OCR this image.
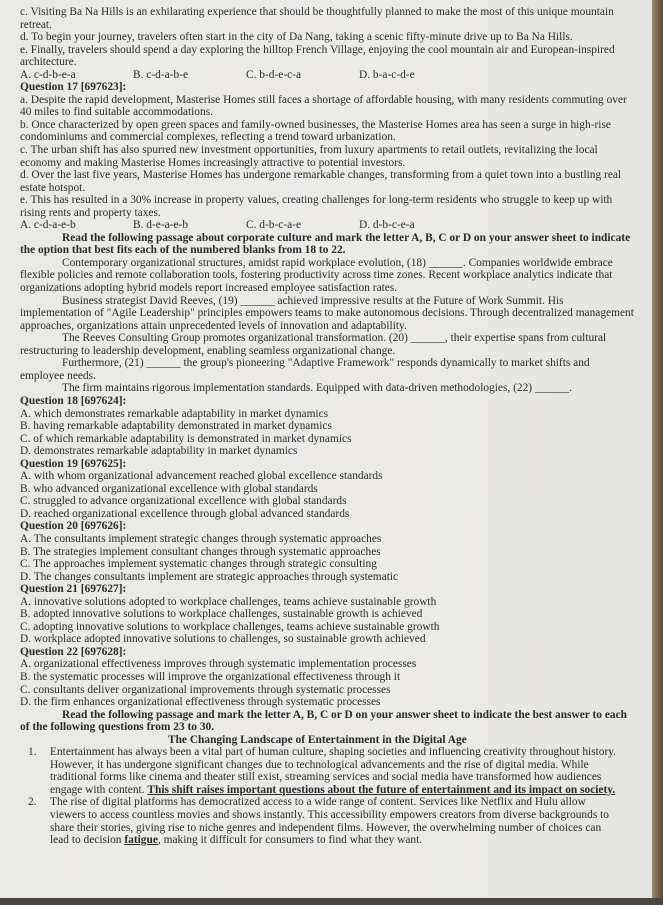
c. Visiting Ba Na Hills is an exhilarating experience that should be thoughtfully planned to make the most of this unique mountain
retreat.
d. To begin your journey, travelers often start in the city of Da Nang, taking a scenic fifty-minute drive up to Ba Na Hills.
e. Finally, travelers should spend a day exploring the hilltop French Village, enjoying the cool mountain air and European-inspired
architecture.
A. c-d-b-e-a	B. c-d-a-b-e	C. b-d-e-c-a	D. b-a-c-d-e
Question 17 [697623]:
a. Despite the rapid development, Masterise Homes still faces a shortage of affordable housing, with many residents commuting over
40 miles to find suitable accommodations.
b. Once characterized by open green spaces and family-owned businesses, the Masterise Homes area has seen a surge in high-rise
condominiums and commercial complexes, reflecting a trend toward urbanization.
c. The urban shift has also spurred new investment opportunities, from luxury apartments to retail outlets, revitalizing the local
economy and making Masterise Homes increasingly attractive to potential investors.
d. Over the last five years, Masterise Homes has undergone remarkable changes, transforming from a quiet town into a bustling real
estate hotspot.
e. This has resulted in a 30% increase in property values, creating challenges for long-term residents who struggle to keep up with
rising rents and property taxes.
A. c-d-a-e-b	B. d-e-a-e-b	C. d-b-c-a-e	D. d-b-c-e-a
Read the following passage about corporate culture and mark the letter A, B, C or D on your answer sheet to indicate
the option that best fits each of the numbered blanks from 18 to 22.
Contemporary organizational structures, amidst rapid workplace evolution, (18) ______. Companies worldwide embrace
flexible policies and remote collaboration tools, fostering productivity across time zones. Recent workplace analytics indicate that
organizations adopting hybrid models report increased employee satisfaction rates.
Business strategist David Reeves, (19) ______ achieved impressive results at the Future of Work Summit. His
implementation of "Agile Leadership" principles empowers teams to make autonomous decisions. Through decentralized management
approaches, organizations attain unprecedented levels of innovation and adaptability.
The Reeves Consulting Group promotes organizational transformation. (20) ______, their expertise spans from cultural
restructuring to leadership development, enabling seamless organizational change.
Furthermore, (21) ______ the group's pioneering "Adaptive Framework" responds dynamically to market shifts and
employee needs.
The firm maintains rigorous implementation standards. Equipped with data-driven methodologies, (22) ______.
Question 18 [697624]:
A. which demonstrates remarkable adaptability in market dynamics
B. having remarkable adaptability demonstrated in market dynamics
C. of which remarkable adaptability is demonstrated in market dynamics
D. demonstrates remarkable adaptability in market dynamics
Question 19 [697625]:
A. with whom organizational advancement reached global excellence standards
B. who advanced organizational excellence with global standards
C. struggled to advance organizational excellence with global standards
D. reached organizational excellence through global advanced standards
Question 20 [697626]:
A. The consultants implement strategic changes through systematic approaches
B. The strategies implement consultant changes through systematic approaches
C. The approaches implement systematic changes through strategic consulting
D. The changes consultants implement are strategic approaches through systematic
Question 21 [697627]:
A. innovative solutions adopted to workplace challenges, teams achieve sustainable growth
B. adopted innovative solutions to workplace challenges, sustainable growth is achieved
C. adopting innovative solutions to workplace challenges, teams achieve sustainable growth
D. workplace adopted innovative solutions to challenges, so sustainable growth achieved
Question 22 [697628]:
A. organizational effectiveness improves through systematic implementation processes
B. the systematic processes will improve the organizational effectiveness through it
C. consultants deliver organizational improvements through systematic processes
D. the firm enhances organizational effectiveness through systematic processes
Read the following passage and mark the letter A, B, C or D on your answer sheet to indicate the best answer to each
of the following questions from 23 to 30.
The Changing Landscape of Entertainment in the Digital Age
1. Entertainment has always been a vital part of human culture, shaping societies and influencing creativity throughout history.
However, it has undergone significant changes due to technological advancements and the rise of digital media. While
traditional forms like cinema and theater still exist, streaming services and social media have transformed how audiences
engage with content. This shift raises important questions about the future of entertainment and its impact on society.
2. The rise of digital platforms has democratized access to a wide range of content. Services like Netflix and Hulu allow
viewers to access countless movies and shows instantly. This accessibility empowers creators from diverse backgrounds to
share their stories, giving rise to niche genres and independent films. However, the overwhelming number of choices can
lead to decision fatigue, making it difficult for consumers to find what they want.
